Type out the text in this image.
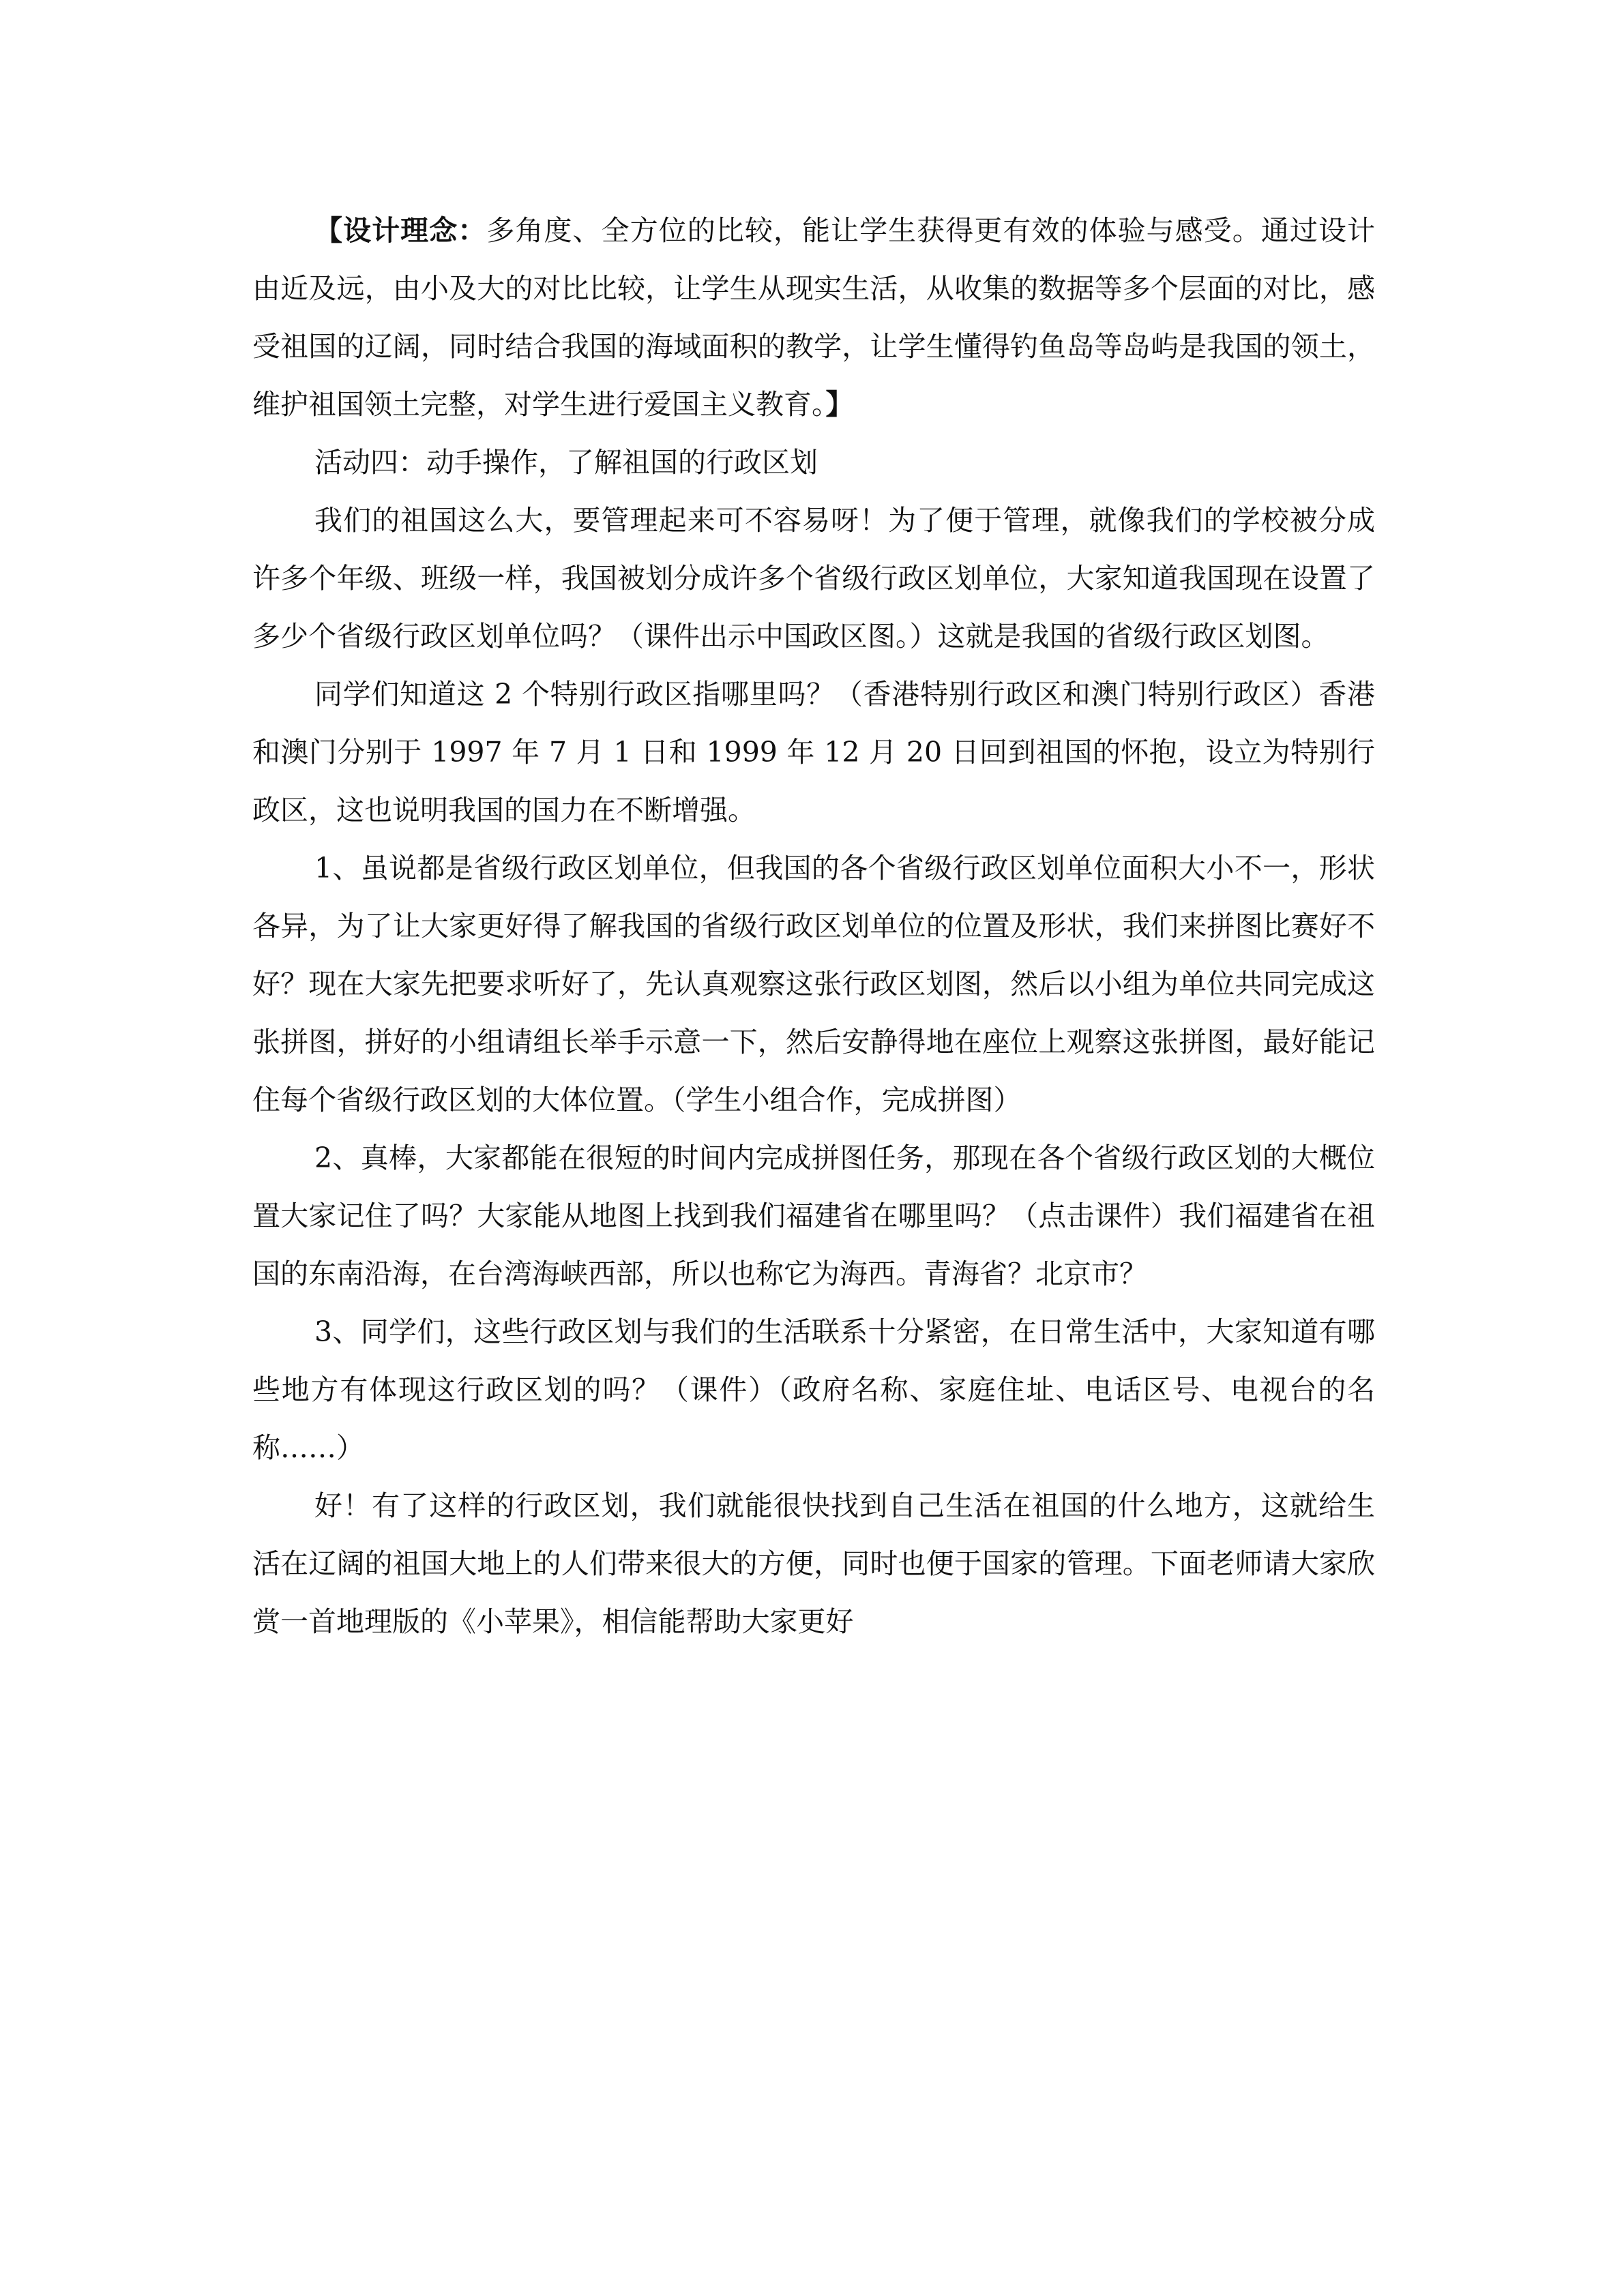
【设计理念：多角度、全方位的比较，能让学生获得更有效的体验与感受。通过设计由近及远，由小及大的对比比较，让学生从现实生活，从收集的数据等多个层面的对比，感受祖国的辽阔，同时结合我国的海域面积的教学，让学生懂得钓鱼岛等岛屿是我国的领土，维护祖国领土完整，对学生进行爱国主义教育。】

活动四：动手操作，了解祖国的行政区划

我们的祖国这么大，要管理起来可不容易呀！为了便于管理，就像我们的学校被分成许多个年级、班级一样，我国被划分成许多个省级行政区划单位，大家知道我国现在设置了多少个省级行政区划单位吗？（课件出示中国政区图。）这就是我国的省级行政区划图。

同学们知道这 2 个特别行政区指哪里吗？（香港特别行政区和澳门特别行政区）香港和澳门分别于 1997 年 7 月 1 日和 1999 年 12 月 20 日回到祖国的怀抱，设立为特别行政区，这也说明我国的国力在不断增强。

1、虽说都是省级行政区划单位，但我国的各个省级行政区划单位面积大小不一，形状各异，为了让大家更好得了解我国的省级行政区划单位的位置及形状，我们来拼图比赛好不好？现在大家先把要求听好了，先认真观察这张行政区划图，然后以小组为单位共同完成这张拼图，拼好的小组请组长举手示意一下，然后安静得地在座位上观察这张拼图，最好能记住每个省级行政区划的大体位置。（学生小组合作，完成拼图）

2、真棒，大家都能在很短的时间内完成拼图任务，那现在各个省级行政区划的大概位置大家记住了吗？大家能从地图上找到我们福建省在哪里吗？（点击课件）我们福建省在祖国的东南沿海，在台湾海峡西部，所以也称它为海西。青海省？北京市？

3、同学们，这些行政区划与我们的生活联系十分紧密，在日常生活中，大家知道有哪些地方有体现这行政区划的吗？（课件）（政府名称、家庭住址、电话区号、电视台的名称……）

好！有了这样的行政区划，我们就能很快找到自己生活在祖国的什么地方，这就给生活在辽阔的祖国大地上的人们带来很大的方便，同时也便于国家的管理。下面老师请大家欣赏一首地理版的《小苹果》，相信能帮助大家更好
